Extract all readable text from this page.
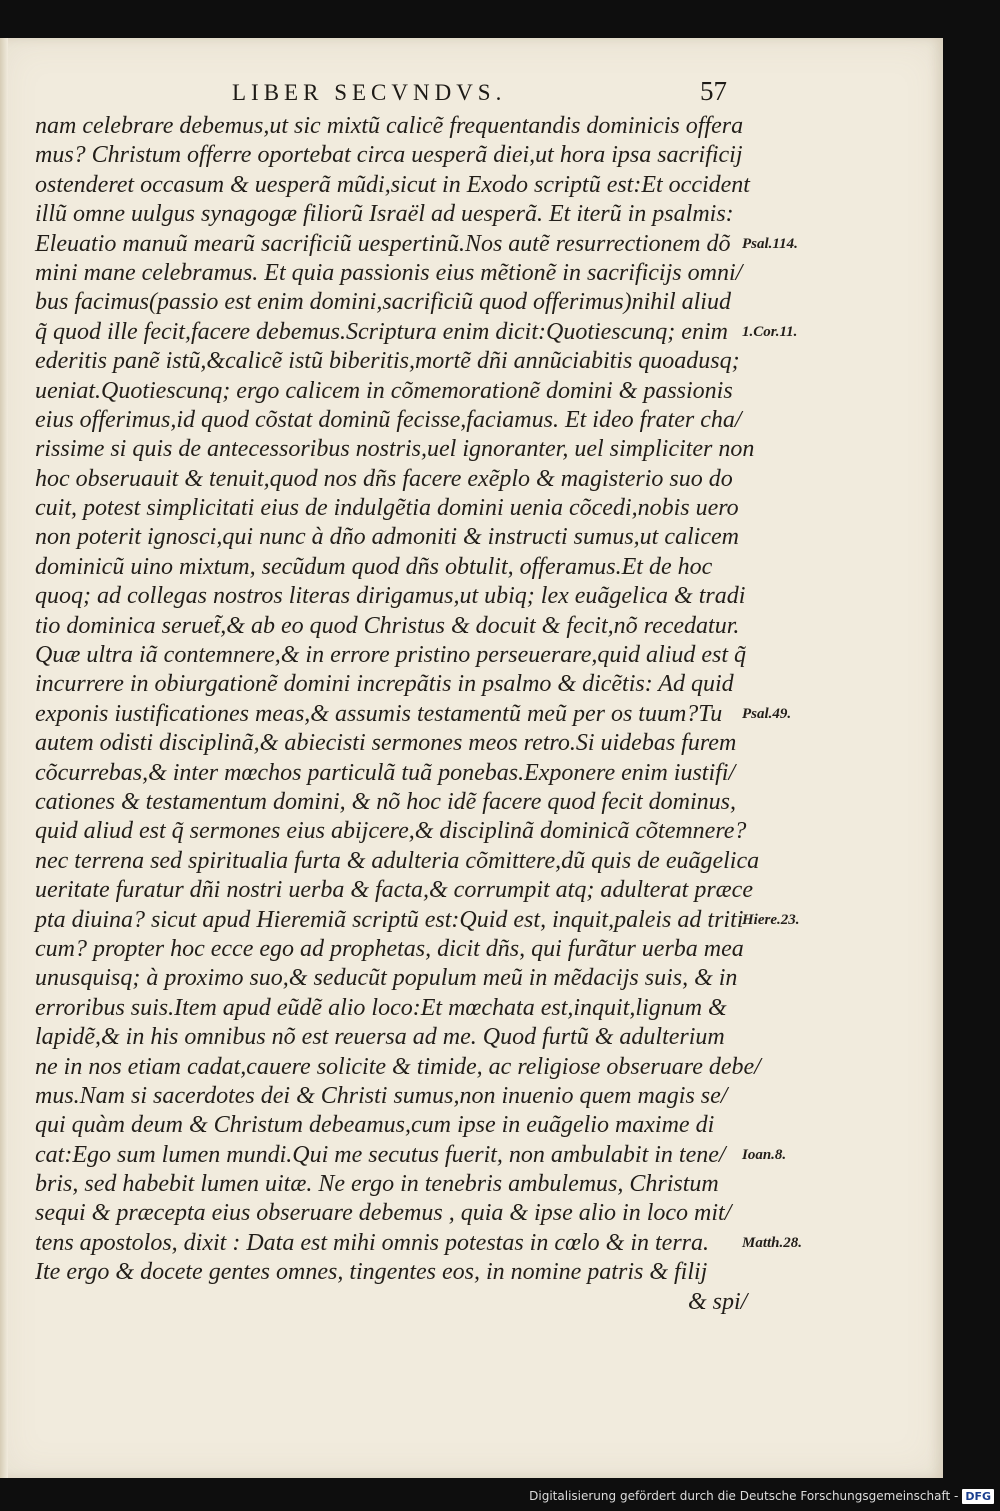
LIBER SECVNDVS.	57
nam celebrare debemus,ut sic mixtũ calicẽ frequentandis dominicis offera
mus? Christum offerre oportebat circa uesperã diei,ut hora ipsa sacrificij
ostenderet occasum & uesperã mũdi,sicut in Exodo scriptũ est:Et occident
illũ omne uulgus synagogæ filiorũ Israël ad uesperã. Et iterũ in psalmis:
Eleuatio manuũ mearũ sacrificiũ uespertinũ.Nos autẽ resurrectionem dõ
mini mane celebramus. Et quia passionis eius mẽtionẽ in sacrificijs omni/
bus facimus(passio est enim domini,sacrificiũ quod offerimus)nihil aliud
q̃ quod ille fecit,facere debemus.Scriptura enim dicit:Quotiescunq; enim
ederitis panẽ istũ,&calicẽ istũ biberitis,mortẽ dñi annũciabitis quoadusq;
ueniat.Quotiescunq; ergo calicem in cõmemorationẽ domini & passionis
eius offerimus,id quod cõstat dominũ fecisse,faciamus. Et ideo frater cha/
rissime si quis de antecessoribus nostris,uel ignoranter, uel simpliciter non
hoc obseruauit & tenuit,quod nos dñs facere exẽplo & magisterio suo do
cuit, potest simplicitati eius de indulgẽtia domini uenia cõcedi,nobis uero
non poterit ignosci,qui nunc à dño admoniti & instructi sumus,ut calicem
dominicũ uino mixtum, secũdum quod dñs obtulit, offeramus.Et de hoc
quoq; ad collegas nostros literas dirigamus,ut ubiq; lex euãgelica & tradi
tio dominica seruet̃,& ab eo quod Christus & docuit & fecit,nõ recedatur.
Quæ ultra iã contemnere,& in errore pristino perseuerare,quid aliud est q̃
incurrere in obiurgationẽ domini increpãtis in psalmo & dicẽtis: Ad quid
exponis iustificationes meas,& assumis testamentũ meũ per os tuum?Tu
autem odisti disciplinã,& abiecisti sermones meos retro.Si uidebas furem
cõcurrebas,& inter mœchos particulã tuã ponebas.Exponere enim iustifi/
cationes & testamentum domini, & nõ hoc idẽ facere quod fecit dominus,
quid aliud est q̃ sermones eius abijcere,& disciplinã dominicã cõtemnere?
nec terrena sed spiritualia furta & adulteria cõmittere,dũ quis de euãgelica
ueritate furatur dñi nostri uerba & facta,& corrumpit atq; adulterat præce
pta diuina? sicut apud Hieremiã scriptũ est:Quid est, inquit,paleis ad triti
cum? propter hoc ecce ego ad prophetas, dicit dñs, qui furãtur uerba mea
unusquisq; à proximo suo,& seducũt populum meũ in mẽdacijs suis, & in
erroribus suis.Item apud eũdẽ alio loco:Et mœchata est,inquit,lignum &
lapidẽ,& in his omnibus nõ est reuersa ad me. Quod furtũ & adulterium
ne in nos etiam cadat,cauere solicite & timide, ac religiose obseruare debe/
mus.Nam si sacerdotes dei & Christi sumus,non inuenio quem magis se/
qui quàm deum & Christum debeamus,cum ipse in euãgelio maxime di
cat:Ego sum lumen mundi.Qui me secutus fuerit, non ambulabit in tene/
bris, sed habebit lumen uitæ. Ne ergo in tenebris ambulemus, Christum
sequi & præcepta eius obseruare debemus , quia & ipse alio in loco mit/
tens apostolos, dixit : Data est mihi omnis potestas in cœlo & in terra.
Ite ergo & docete gentes omnes, tingentes eos, in nomine patris & filij
& spi/
Psal.114.
1.Cor.11.
Psal.49.
Hiere.23.
Ioan.8.
Matth.28.
Digitalisierung gefördert durch die Deutsche Forschungsgemeinschaft - DFG
